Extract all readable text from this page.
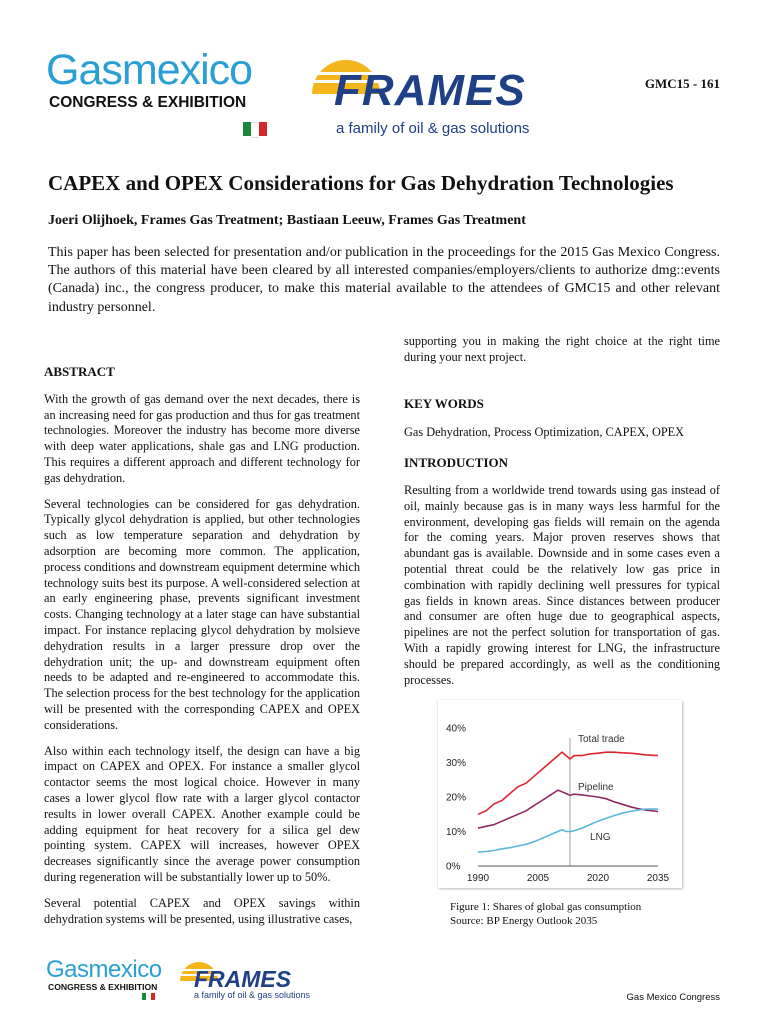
Gasmexico
CONGRESS & EXHIBITION FRAMES
a family of oil & gas solutions
GMC15 - 161
CAPEX and OPEX Considerations for Gas Dehydration Technologies
Joeri Olijhoek, Frames Gas Treatment; Bastiaan Leeuw, Frames Gas Treatment
This paper has been selected for presentation and/or publication in the proceedings for the 2015 Gas Mexico Congress. The authors of this material have been cleared by all interested companies/employers/clients to authorize dmg::events (Canada) inc., the congress producer, to make this material available to the attendees of GMC15 and other relevant industry personnel.

ABSTRACT

With the growth of gas demand over the next decades, there is an increasing need for gas production and thus for gas treatment technologies. Moreover the industry has become more diverse with deep water applications, shale gas and LNG production. This requires a different approach and different technology for gas dehydration.

Several technologies can be considered for gas dehydration. Typically glycol dehydration is applied, but other technologies such as low temperature separation and dehydration by adsorption are becoming more common. The application, process conditions and downstream equipment determine which technology suits best its purpose. A well-considered selection at an early engineering phase, prevents significant investment costs. Changing technology at a later stage can have substantial impact. For instance replacing glycol dehydration by molsieve dehydration results in a larger pressure drop over the dehydration unit; the up- and downstream equipment often needs to be adapted and re-engineered to accommodate this. The selection process for the best technology for the application will be presented with the corresponding CAPEX and OPEX considerations.

Also within each technology itself, the design can have a big impact on CAPEX and OPEX. For instance a smaller glycol contactor seems the most logical choice. However in many cases a lower glycol flow rate with a larger glycol contactor results in lower overall CAPEX. Another example could be adding equipment for heat recovery for a silica gel dew pointing system. CAPEX will increases, however OPEX decreases significantly since the average power consumption during regeneration will be substantially lower up to 50%.

Several potential CAPEX and OPEX savings within dehydration systems will be presented, using illustrative cases,

supporting you in making the right choice at the right time during your next project.

KEY WORDS

Gas Dehydration, Process Optimization, CAPEX, OPEX

INTRODUCTION

Resulting from a worldwide trend towards using gas instead of oil, mainly because gas is in many ways less harmful for the environment, developing gas fields will remain on the agenda for the coming years. Major proven reserves shows that abundant gas is available. Downside and in some cases even a potential threat could be the relatively low gas price in combination with rapidly declining well pressures for typical gas fields in known areas. Since distances between producer and consumer are often huge due to geographical aspects, pipelines are not the perfect solution for transportation of gas. With a rapidly growing interest for LNG, the infrastructure should be prepared accordingly, as well as the conditioning processes.

0%
10%
20%
30%
40%
1990	2005	2020	2035
Total trade
Pipeline
LNG
Figure 1: Shares of global gas consumption
Source: BP Energy Outlook 2035
Gasmexico
CONGRESS & EXHIBITION FRAMES
a family of oil & gas solutions	Gas Mexico Congress
